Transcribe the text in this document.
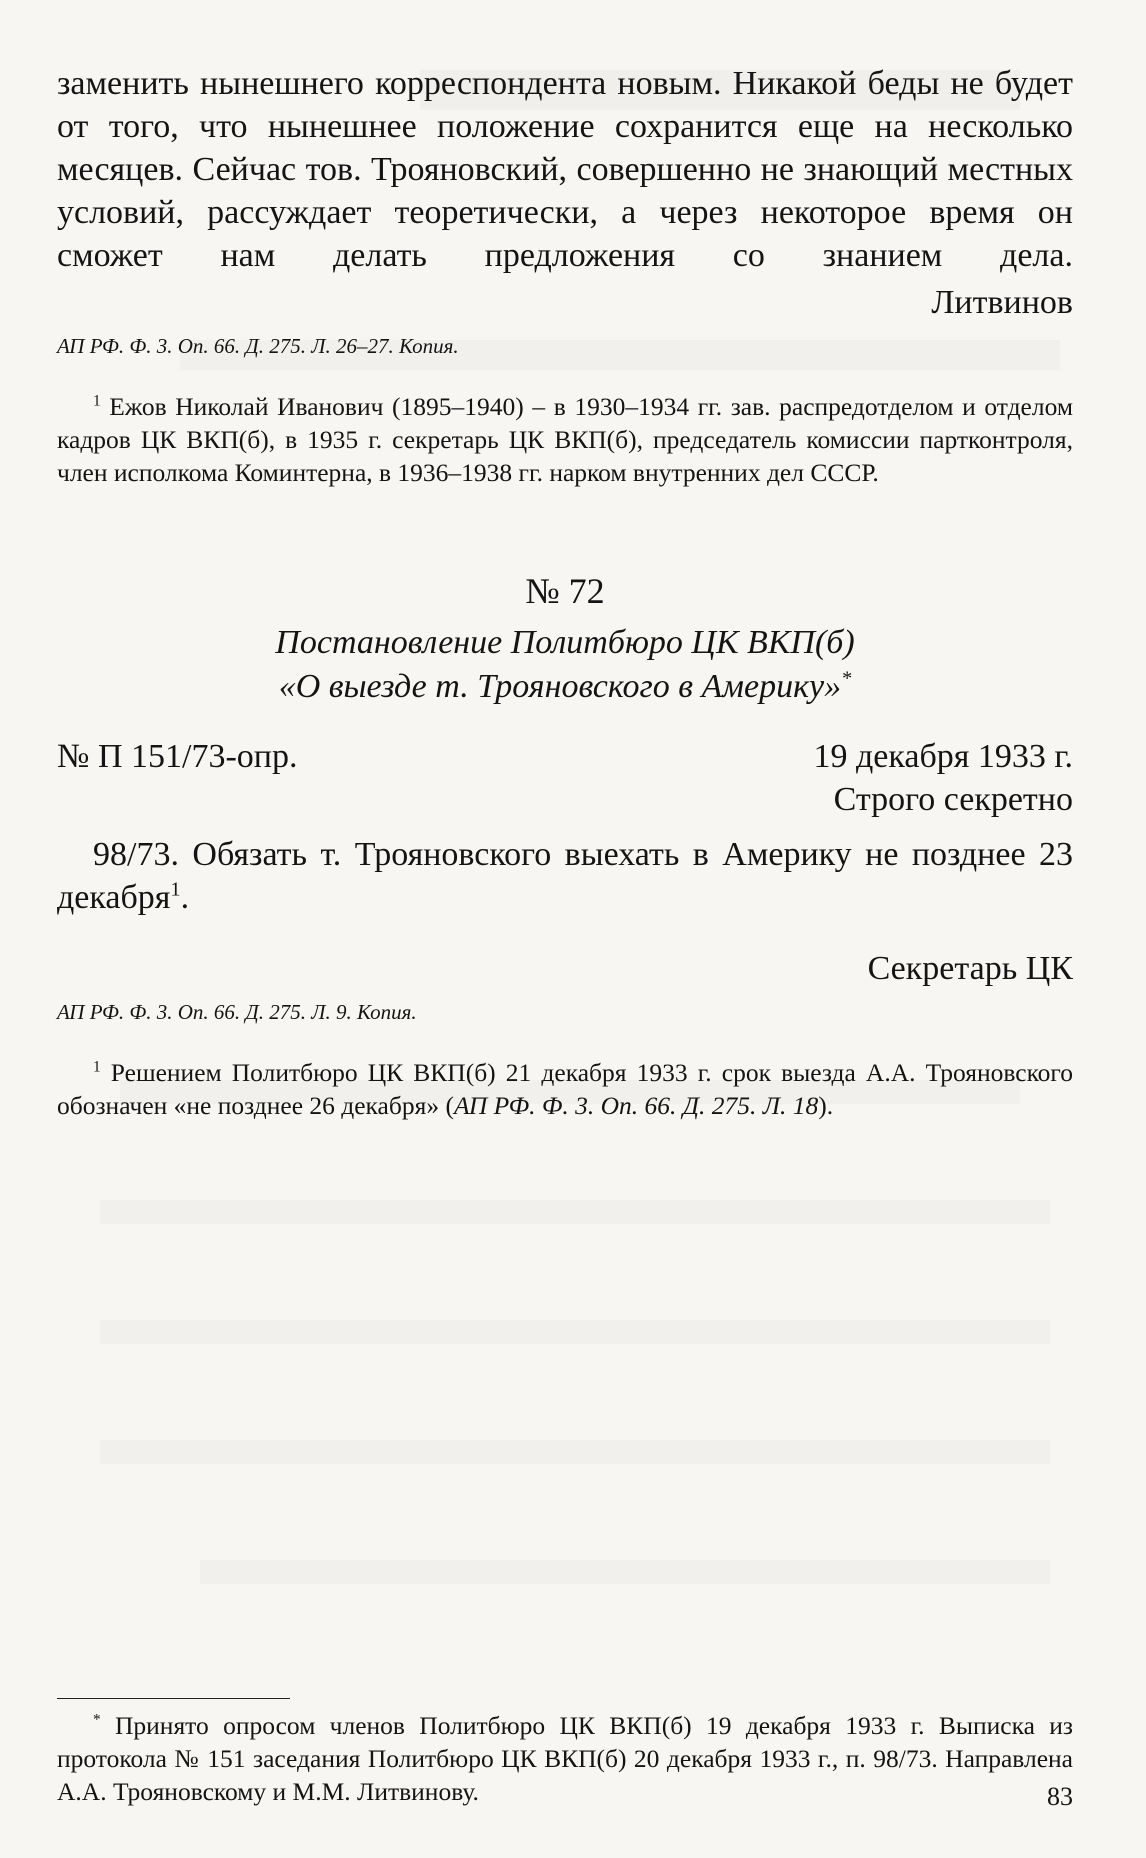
заменить нынешнего корреспондента новым. Никакой беды не будет от того, что нынешнее положение сохранится еще на несколько месяцев. Сейчас тов. Трояновский, совершенно не знающий местных условий, рассуждает теоретически, а через некоторое время он сможет нам делать предложения со знанием дела.

Литвинов

АП РФ. Ф. 3. Оп. 66. Д. 275. Л. 26–27. Копия.

$^1$ Ежов Николай Иванович (1895–1940) – в 1930–1934 гг. зав. распредотделом и отделом кадров ЦК ВКП(б), в 1935 г. секретарь ЦК ВКП(б), председатель комиссии партконтроля, член исполкома Коминтерна, в 1936–1938 гг. нарком внутренних дел СССР.

№ 72

Постановление Политбюро ЦК ВКП(б)

«О выезде т. Трояновского в Америку»*

№ П 151/73-опр.	19 декабря 1933 г.

Строго секретно

98/73. Обязать т. Трояновского выехать в Америку не позднее 23 декабря$^1$.

Секретарь ЦК

АП РФ. Ф. 3. Оп. 66. Д. 275. Л. 9. Копия.

$^1$ Решением Политбюро ЦК ВКП(б) 21 декабря 1933 г. срок выезда А.А. Трояновского обозначен «не позднее 26 декабря» (АП РФ. Ф. 3. Оп. 66. Д. 275. Л. 18).

* Принято опросом членов Политбюро ЦК ВКП(б) 19 декабря 1933 г. Выписка из протокола № 151 заседания Политбюро ЦК ВКП(б) 20 декабря 1933 г., п. 98/73. Направлена А.А. Трояновскому и М.М. Литвинову.	83
